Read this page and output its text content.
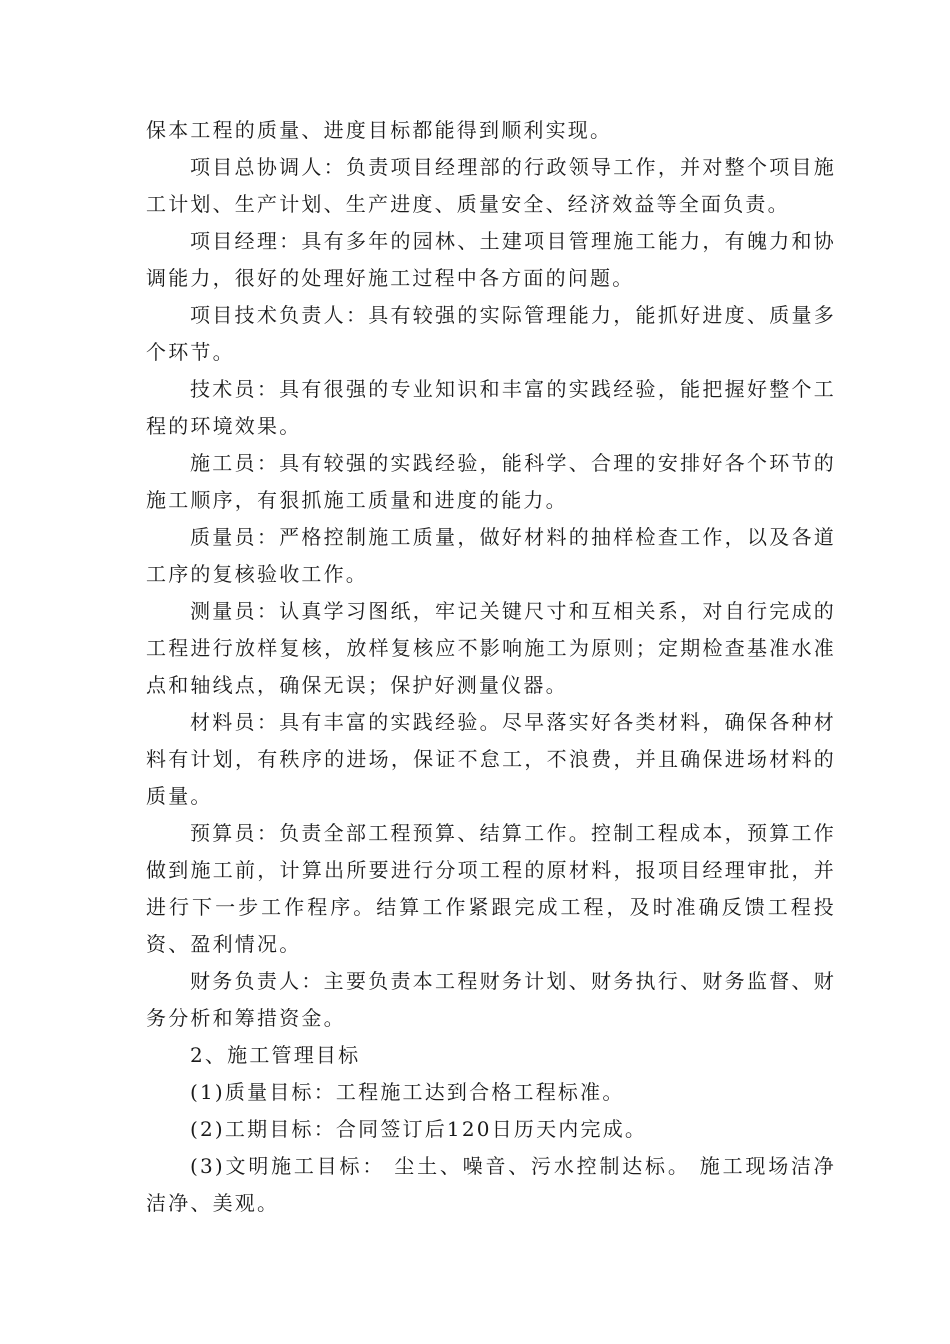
保本工程的质量、进度目标都能得到顺利实现。

项目总协调人：负责项目经理部的行政领导工作，并对整个项目施工计划、生产计划、生产进度、质量安全、经济效益等全面负责。

项目经理：具有多年的园林、土建项目管理施工能力，有魄力和协调能力，很好的处理好施工过程中各方面的问题。

项目技术负责人：具有较强的实际管理能力，能抓好进度、质量多个环节。

技术员：具有很强的专业知识和丰富的实践经验，能把握好整个工程的环境效果。

施工员：具有较强的实践经验，能科学、合理的安排好各个环节的施工顺序，有狠抓施工质量和进度的能力。

质量员：严格控制施工质量，做好材料的抽样检查工作，以及各道工序的复核验收工作。

测量员：认真学习图纸，牢记关键尺寸和互相关系，对自行完成的工程进行放样复核，放样复核应不影响施工为原则；定期检查基准水准点和轴线点，确保无误；保护好测量仪器。

材料员：具有丰富的实践经验。尽早落实好各类材料，确保各种材料有计划，有秩序的进场，保证不怠工，不浪费，并且确保进场材料的质量。

预算员：负责全部工程预算、结算工作。控制工程成本，预算工作做到施工前，计算出所要进行分项工程的原材料，报项目经理审批，并进行下一步工作程序。结算工作紧跟完成工程，及时准确反馈工程投资、盈利情况。

财务负责人：主要负责本工程财务计划、财务执行、财务监督、财务分析和筹措资金。

2、施工管理目标

(1)质量目标：工程施工达到合格工程标准。

(2)工期目标：合同签订后120日历天内完成。

(3)文明施工目标： 尘土、噪音、污水控制达标。 施工现场洁净洁净、美观。
